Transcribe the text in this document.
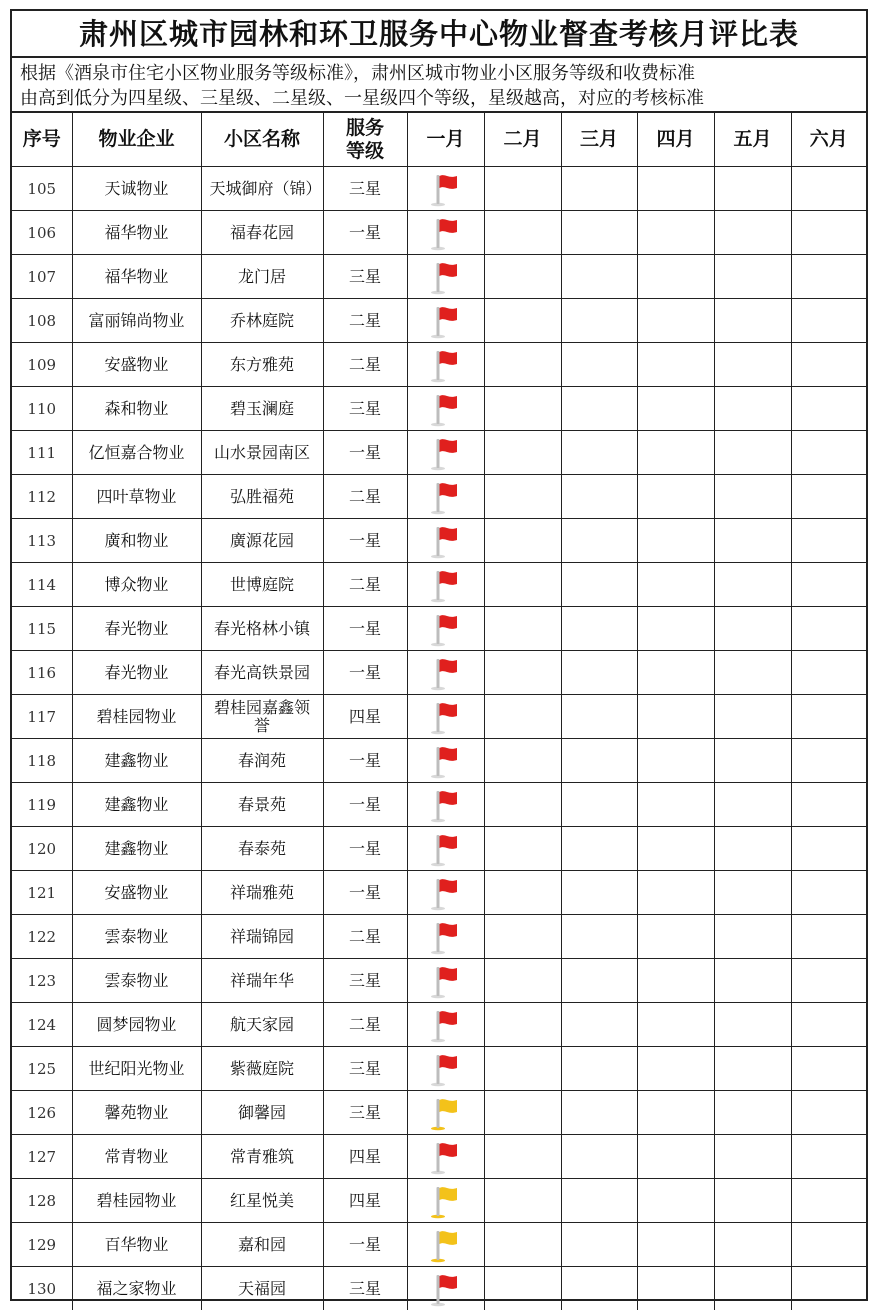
肃州区城市园林和环卫服务中心物业督查考核月评比表
根据《酒泉市住宅小区物业服务等级标准》，肃州区城市物业小区服务等级和收费标准
由高到低分为四星级、三星级、二星级、一星级四个等级，星级越高，对应的考核标准
序号	物业企业	小区名称	服务等级	一月	二月	三月	四月	五月	六月
105	天诚物业	天城御府（锦）	三星	

106	福华物业	福春花园	一星	

107	福华物业	龙门居	三星	

108	富丽锦尚物业	乔林庭院	二星	

109	安盛物业	东方雅苑	二星	

110	森和物业	碧玉澜庭	三星	

111	亿恒嘉合物业	山水景园南区	一星	

112	四叶草物业	弘胜福苑	二星	

113	廣和物业	廣源花园	一星	

114	博众物业	世博庭院	二星	

115	春光物业	春光格林小镇	一星	

116	春光物业	春光高铁景园	一星	

117	碧桂园物业	碧桂园嘉鑫领誉	四星	

118	建鑫物业	春润苑	一星	

119	建鑫物业	春景苑	一星	

120	建鑫物业	春泰苑	一星	

121	安盛物业	祥瑞雅苑	一星	

122	雲泰物业	祥瑞锦园	二星	

123	雲泰物业	祥瑞年华	三星	

124	圆梦园物业	航天家园	二星	

125	世纪阳光物业	紫薇庭院	三星	

126	馨苑物业	御馨园	三星	

127	常青物业	常青雅筑	四星	

128	碧桂园物业	红星悦美	四星	

129	百华物业	嘉和园	一星	

130	福之家物业	天福园	三星	
